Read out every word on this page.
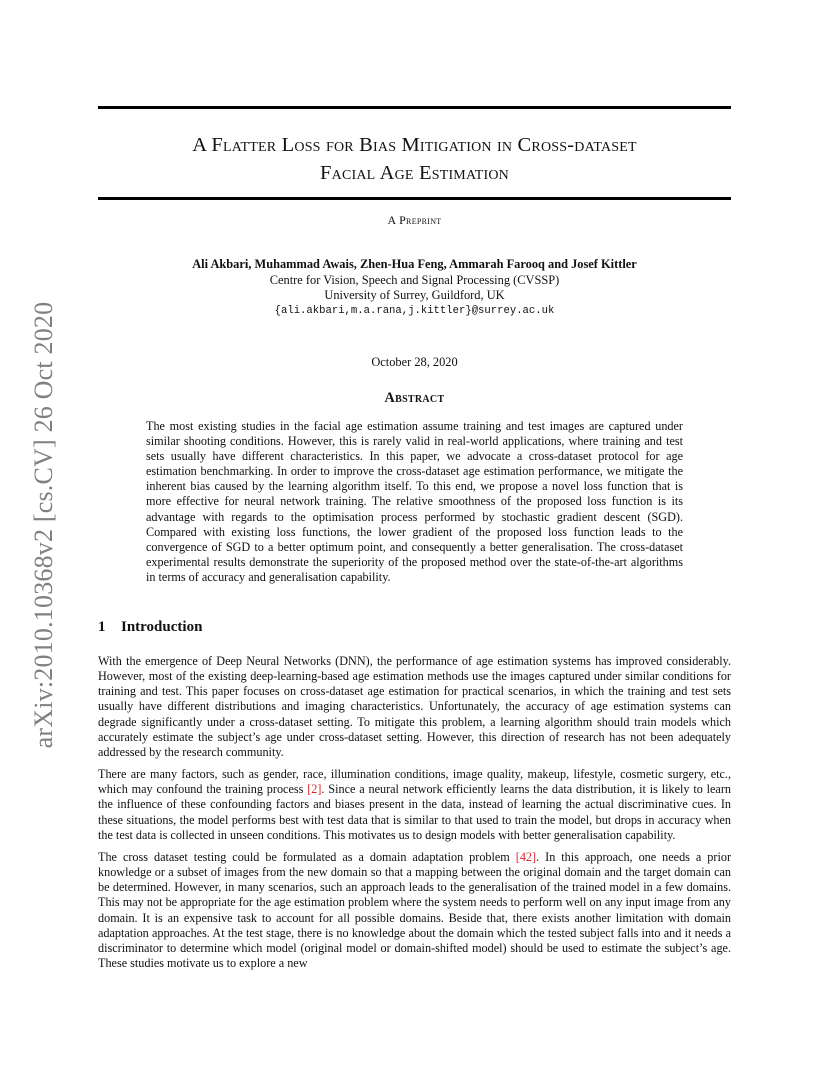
arXiv:2010.10368v2 [cs.CV] 26 Oct 2020
A Flatter Loss for Bias Mitigation in Cross-dataset
Facial Age Estimation
A Preprint
Ali Akbari, Muhammad Awais, Zhen-Hua Feng, Ammarah Farooq and Josef Kittler
Centre for Vision, Speech and Signal Processing (CVSSP)
University of Surrey, Guildford, UK
{ali.akbari,m.a.rana,j.kittler}@surrey.ac.uk
October 28, 2020
Abstract
The most existing studies in the facial age estimation assume training and test images are captured under similar shooting conditions. However, this is rarely valid in real-world applications, where training and test sets usually have different characteristics. In this paper, we advocate a cross-dataset protocol for age estimation benchmarking. In order to improve the cross-dataset age estimation performance, we mitigate the inherent bias caused by the learning algorithm itself. To this end, we propose a novel loss function that is more effective for neural network training. The relative smoothness of the proposed loss function is its advantage with regards to the optimisation process performed by stochastic gradient descent (SGD). Compared with existing loss functions, the lower gradient of the proposed loss function leads to the convergence of SGD to a better optimum point, and consequently a better generalisation. The cross-dataset experimental results demonstrate the superiority of the proposed method over the state-of-the-art algorithms in terms of accuracy and generalisation capability.
1 Introduction

With the emergence of Deep Neural Networks (DNN), the performance of age estimation systems has improved considerably. However, most of the existing deep-learning-based age estimation methods use the images captured under similar conditions for training and test. This paper focuses on cross-dataset age estimation for practical scenarios, in which the training and test sets usually have different distributions and imaging characteristics. Unfortunately, the accuracy of age estimation systems can degrade significantly under a cross-dataset setting. To mitigate this problem, a learning algorithm should train models which accurately estimate the subject’s age under cross-dataset setting. However, this direction of research has not been adequately addressed by the research community.

There are many factors, such as gender, race, illumination conditions, image quality, makeup, lifestyle, cosmetic surgery, etc., which may confound the training process [2]. Since a neural network efficiently learns the data distribution, it is likely to learn the influence of these confounding factors and biases present in the data, instead of learning the actual discriminative cues. In these situations, the model performs best with test data that is similar to that used to train the model, but drops in accuracy when the test data is collected in unseen conditions. This motivates us to design models with better generalisation capability.

The cross dataset testing could be formulated as a domain adaptation problem [42]. In this approach, one needs a prior knowledge or a subset of images from the new domain so that a mapping between the original domain and the target domain can be determined. However, in many scenarios, such an approach leads to the generalisation of the trained model in a few domains. This may not be appropriate for the age estimation problem where the system needs to perform well on any input image from any domain. It is an expensive task to account for all possible domains. Beside that, there exists another limitation with domain adaptation approaches. At the test stage, there is no knowledge about the domain which the tested subject falls into and it needs a discriminator to determine which model (original model or domain-shifted model) should be used to estimate the subject’s age. These studies motivate us to explore a new
